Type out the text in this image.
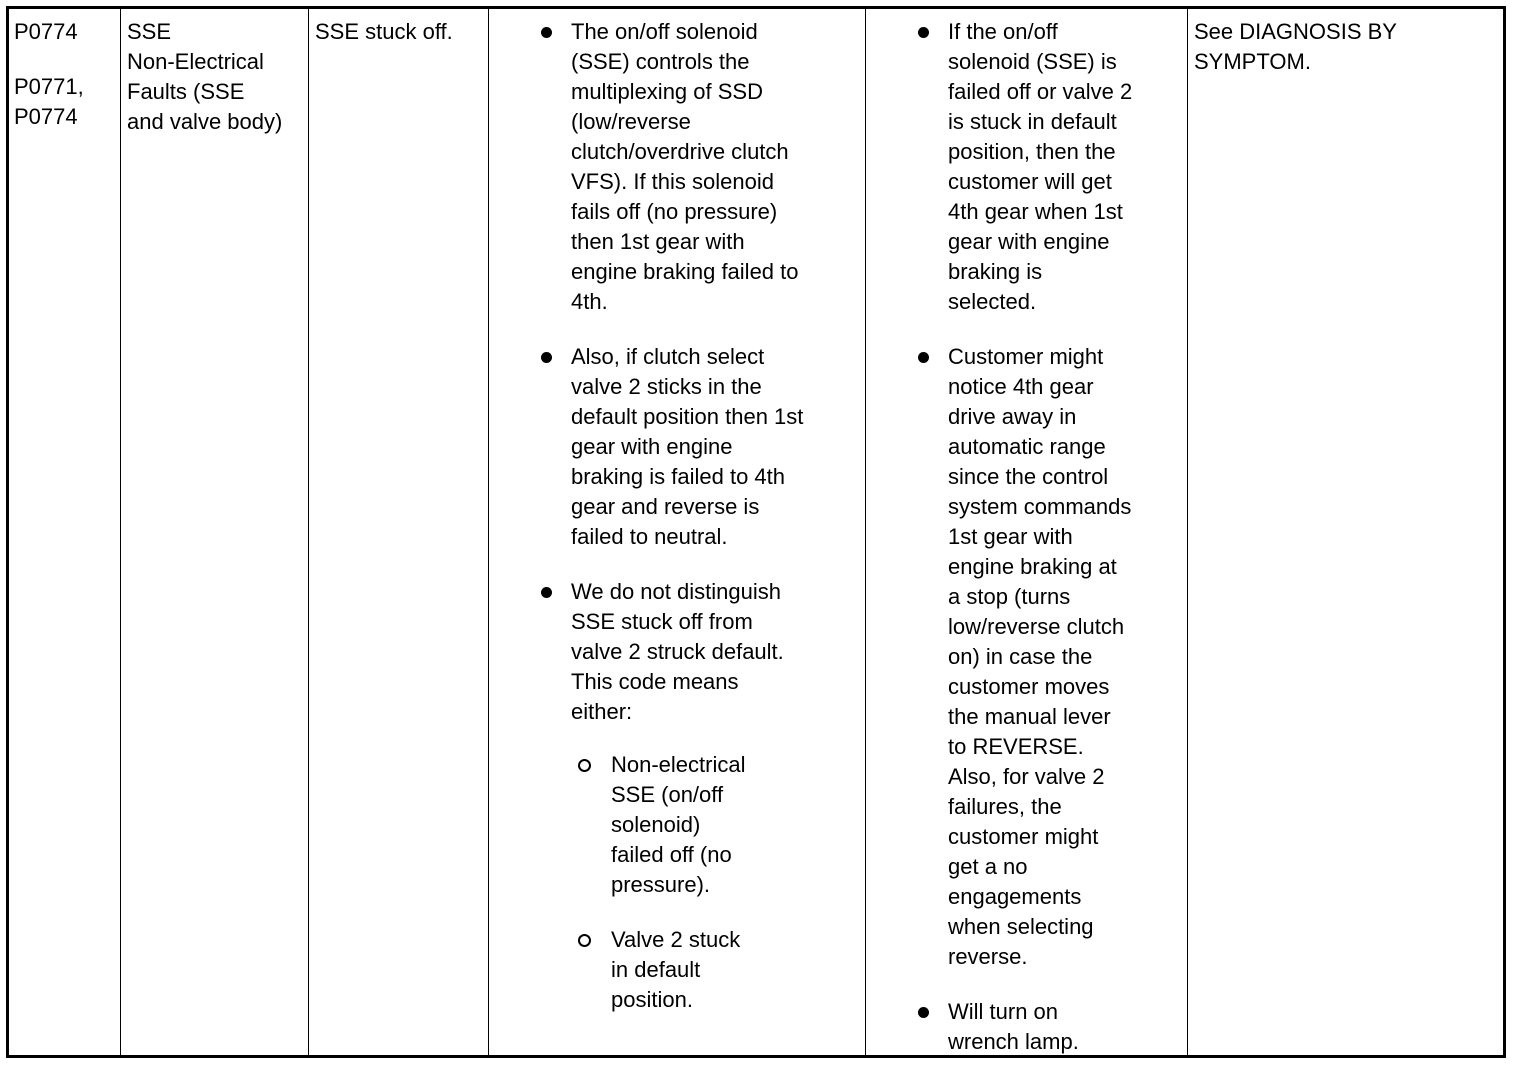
P0774
P0771,
P0774
SSE
Non-Electrical
Faults (SSE
and valve body)
SSE stuck off.	The on/off solenoid
(SSE) controls the
multiplexing of SSD
(low/reverse
clutch/overdrive clutch
VFS). If this solenoid
fails off (no pressure)
then 1st gear with
engine braking failed to
4th.
Also, if clutch select
valve 2 sticks in the
default position then 1st
gear with engine
braking is failed to 4th
gear and reverse is
failed to neutral.
We do not distinguish
SSE stuck off from
valve 2 struck default.
This code means
either:
Non-electrical
SSE (on/off
solenoid)
failed off (no
pressure).
Valve 2 stuck
in default
position.
If the on/off
solenoid (SSE) is
failed off or valve 2
is stuck in default
position, then the
customer will get
4th gear when 1st
gear with engine
braking is
selected.
Customer might
notice 4th gear
drive away in
automatic range
since the control
system commands
1st gear with
engine braking at
a stop (turns
low/reverse clutch
on) in case the
customer moves
the manual lever
to REVERSE.
Also, for valve 2
failures, the
customer might
get a no
engagements
when selecting
reverse.
Will turn on
wrench lamp.
See DIAGNOSIS BY
SYMPTOM.
